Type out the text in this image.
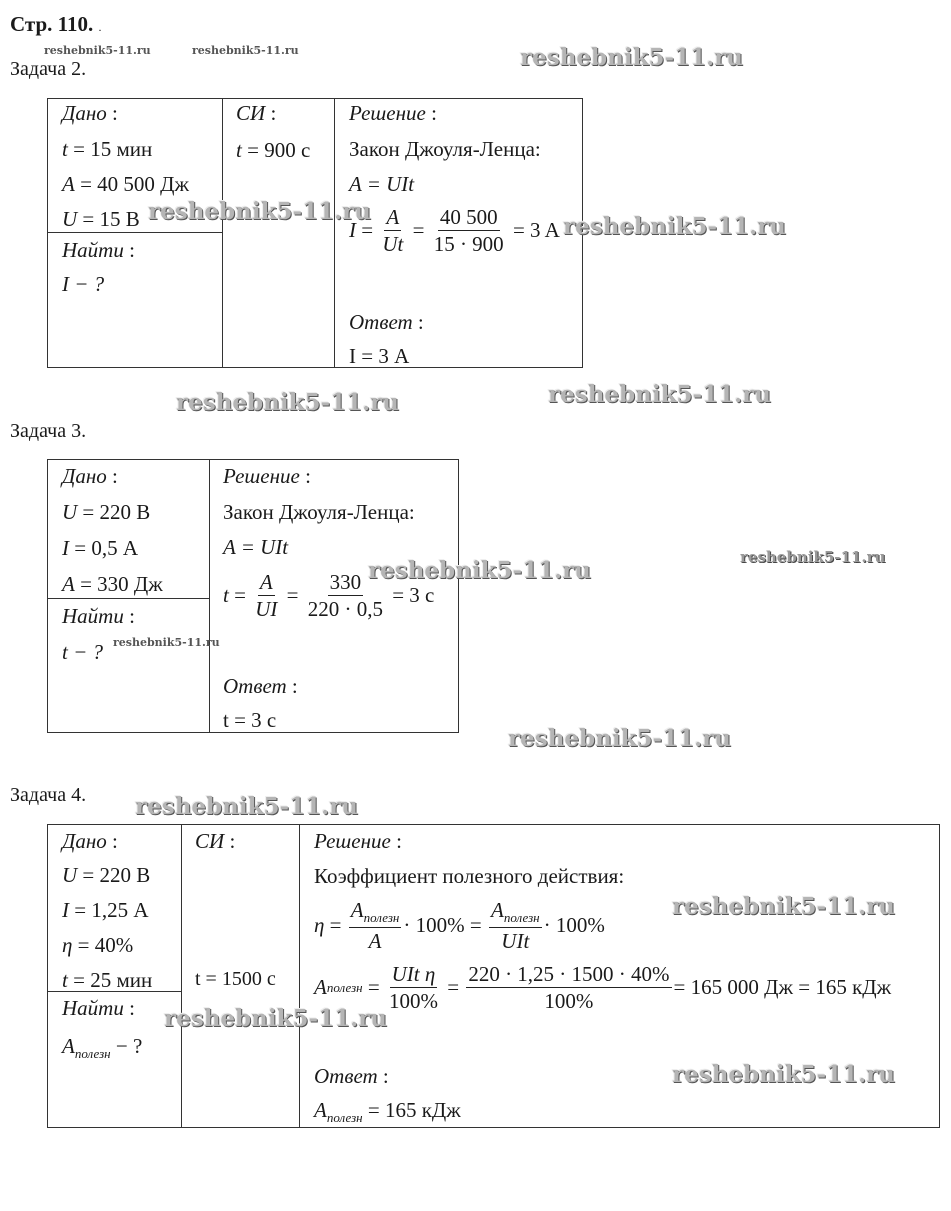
Стр. 110. .
Задача 2.
Дано :
t = 15 мин
A = 40 500 Дж
U = 15 В
Найти :
I − ?
СИ :
t = 900 с
Решение :
Закон Джоуля-Ленца:
A = UIt
$I = \frac{A}{Ut} = \frac{40 500}{15 \cdot 900}$
= 3 A
Ответ :
I = 3 А
Задача 3.
Дано :
U = 220 В
I = 0,5 А
A = 330 Дж
Найти :
t − ?
Решение :
Закон Джоуля-Ленца:
A = UIt
$t = \frac{A}{UI} = \frac{330}{220 \cdot 0,5}$
= 3 с
Ответ :
t = 3 с
Задача 4.
Дано :
U = 220 В
I = 1,25 А
η = 40%
t = 25 мин
Найти :
$A_{полезн}$ − ?
СИ :
t = 1500 с
Решение :
Коэффициент полезного действия:
$\eta = \frac{A_{полезн}}{A} \cdot 100\% = \frac{A_{полезн}}{\text{UIt}} \cdot 100\%$
A полезн = $\frac{\text{UIt η}}{100\%} = \frac{220 \cdot 1,25 \cdot 1500 \cdot 40\%}{100\%} = 165$ 000 Дж = 165 кДж
Ответ :
$A_{полезн} = 165$ кДж
reshebnik5-11.ru	reshebnik5-11.ru	reshebnik5-11.ru
reshebnik5-11.ru
reshebnik5-11.ru
reshebnik5-11.ru	reshebnik5-11.ru
reshebnik5-11.ru
reshebnik5-11.ru
reshebnik5-11.ru
reshebnik5-11.ru
reshebnik5-11.ru
reshebnik5-11.ru
reshebnik5-11.ru
reshebnik5-11.ru
